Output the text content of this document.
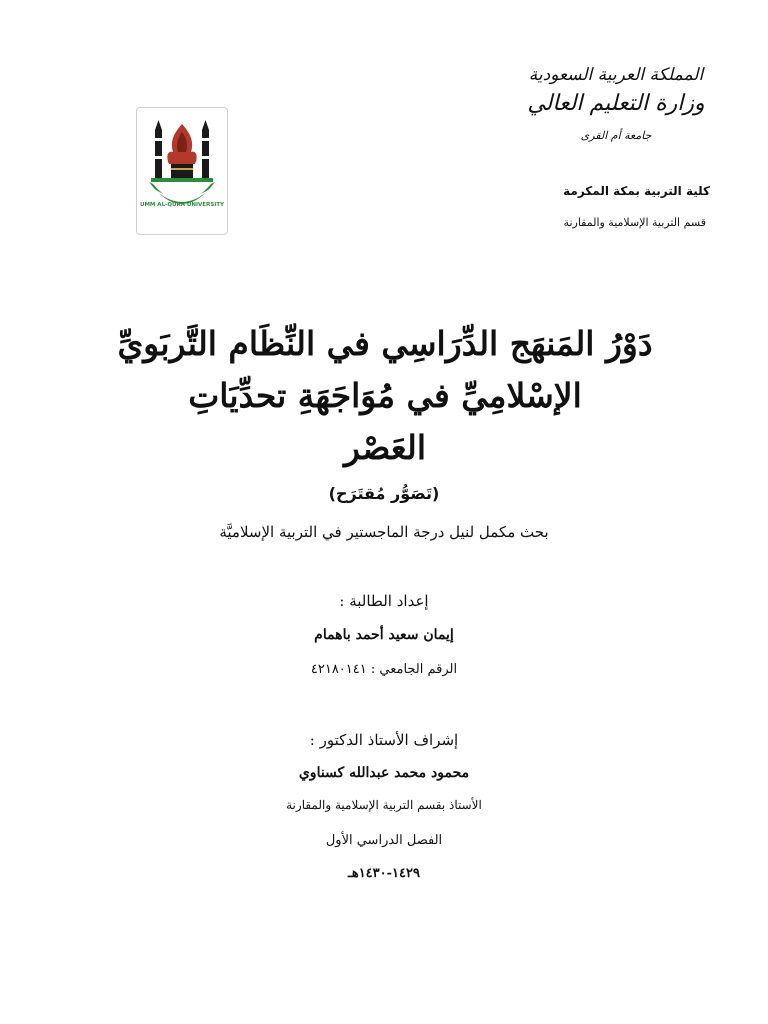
المملكة العربية السعودية

وزارة التعليم العالي

جامعة أم القرى

كلية التربية بمكة المكرمة
قسم التربية الإسلامية والمقارنة
UMM AL-QURA UNIVERSITY
دَوْرُ المَنهَج الدِّرَاسِي في النِّظَام التَّربَويِّ
الإسْلامِيِّ في مُوَاجَهَةِ تحدِّيَاتِ
العَصْر
(تَصَوُّر مُقتَرَح)
بحث مكمل لنيل درجة الماجستير في التربية الإسلاميَّة
إعداد الطالبة :
إيمان سعيد أحمد باهمام
الرقم الجامعي : ٤٢١٨٠١٤١
إشراف الأستاذ الدكتور :
محمود محمد عبدالله كسناوي
الأستاذ بقسم التربية الإسلامية والمقارنة
الفصل الدراسي الأول
١٤٢٩-١٤٣٠هـ
